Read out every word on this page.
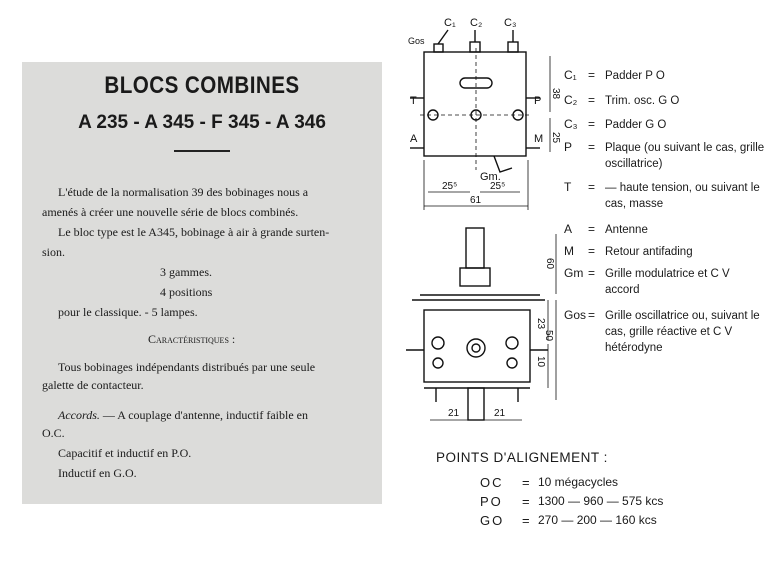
BLOCS COMBINES
A 235 - A 345 - F 345 - A 346
L'étude de la normalisation 39 des bobinages nous a
amenés à créer une nouvelle série de blocs combinés.
Le bloc type est le A345, bobinage à air à grande surten-
sion.
3 gammes.
4 positions
pour le classique. - 5 lampes.
Caractéristiques :
Tous bobinages indépendants distribués par une seule
galette de contacteur.
Accords. — A couplage d'antenne, inductif faible en
O.C.
Capacitif et inductif en P.O.
Inductif en G.O.
C₁ C₂ C₃
Gos
T	P
A	M
Gm.
38
25
25⁵	25⁵
61
60
23
50
10
21	21
C₁ = Padder P O
C₂ = Trim. osc. G O
C₃ = Padder G O
P	= Plaque (ou suivant le cas, grille oscillatrice)
T	= — haute tension, ou suivant le cas, masse
A	= Antenne
M	= Retour antifading
Gm = Grille modulatrice et C V accord
Gos = Grille oscillatrice ou, suivant le cas, grille réactive et C V hétérodyne
POINTS D'ALIGNEMENT :
OC	= 10 mégacycles
PO	= 1300 — 960 — 575 kcs
GO	= 270 — 200 — 160 kcs
